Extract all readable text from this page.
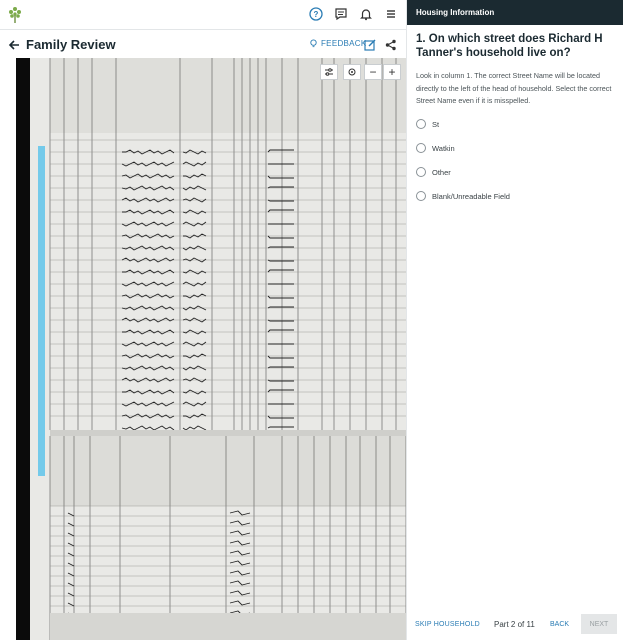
?
Family Review	FEEDBACK
− +
Housing Information
1. On which street does Richard H Tanner's household live on?
Look in column 1. The correct Street Name will be located directly to the left of the head of household. Select the correct Street Name even if it is misspelled.
St
Watkin
Other
Blank/Unreadable Field
SKIP HOUSEHOLD Part 2 of 11 BACK	NEXT
